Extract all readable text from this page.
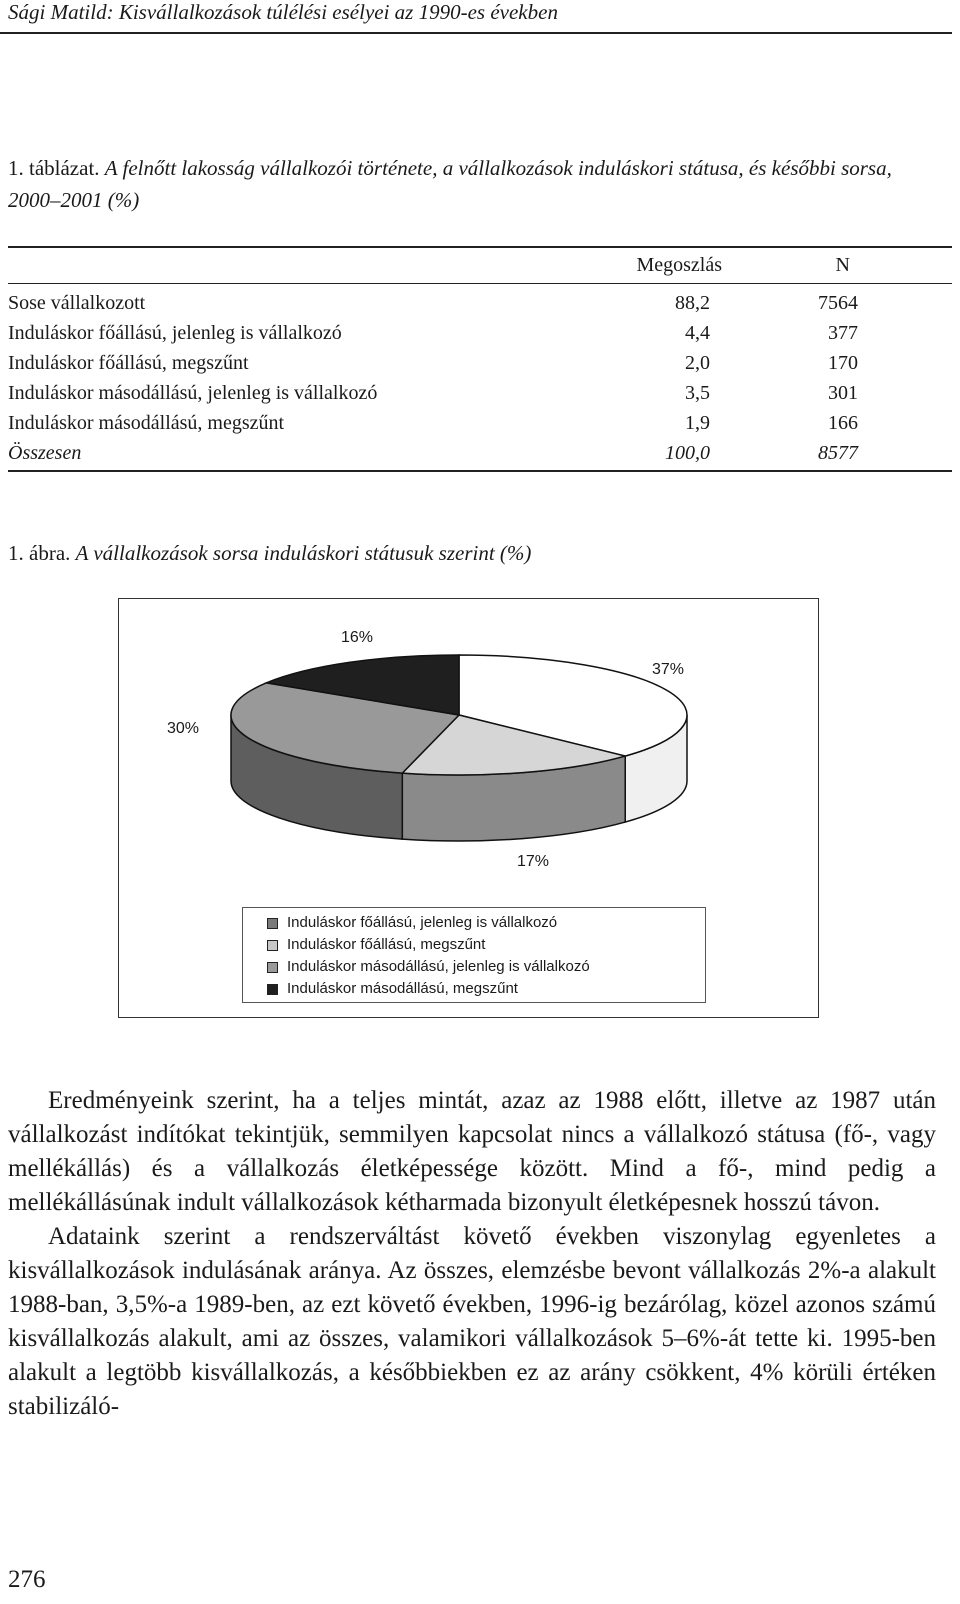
Sági Matild: Kisvállalkozások túlélési esélyei az 1990-es években
1. táblázat. A felnőtt lakosság vállalkozói története, a vállalkozások induláskori státusa, és későbbi sorsa, 2000–2001 (%)
Megoszlás	N
Sose vállalkozott	88,2	7564
Induláskor főállású, jelenleg is vállalkozó	4,4	377
Induláskor főállású, megszűnt	2,0	170
Induláskor másodállású, jelenleg is vállalkozó	3,5	301
Induláskor másodállású, megszűnt	1,9	166
Összesen	100,0	8577
1. ábra. A vállalkozások sorsa induláskori státusuk szerint (%)
16%
37%
30%
17%
Induláskor főállású, jelenleg is vállalkozó
Induláskor főállású, megszűnt
Induláskor másodállású, jelenleg is vállalkozó
Induláskor másodállású, megszűnt

Eredményeink szerint, ha a teljes mintát, azaz az 1988 előtt, illetve az 1987 után vállalkozást indítókat tekintjük, semmilyen kapcsolat nincs a vállalkozó státusa (fő-, vagy mellékállás) és a vállalkozás életképessége között. Mind a fő-, mind pedig a mellékállásúnak indult vállalkozások kétharmada bizonyult életképesnek hosszú távon.

Adataink szerint a rendszerváltást követő években viszonylag egyenletes a kisvállalkozások indulásának aránya. Az összes, elemzésbe bevont vállalkozás 2%-a alakult 1988-ban, 3,5%-a 1989-ben, az ezt követő években, 1996-ig bezárólag, közel azonos számú kisvállalkozás alakult, ami az összes, valamikori vállalkozások 5–6%-át tette ki. 1995-ben alakult a legtöbb kisvállalkozás, a későbbiekben ez az arány csökkent, 4% körüli értéken stabilizáló-

276
